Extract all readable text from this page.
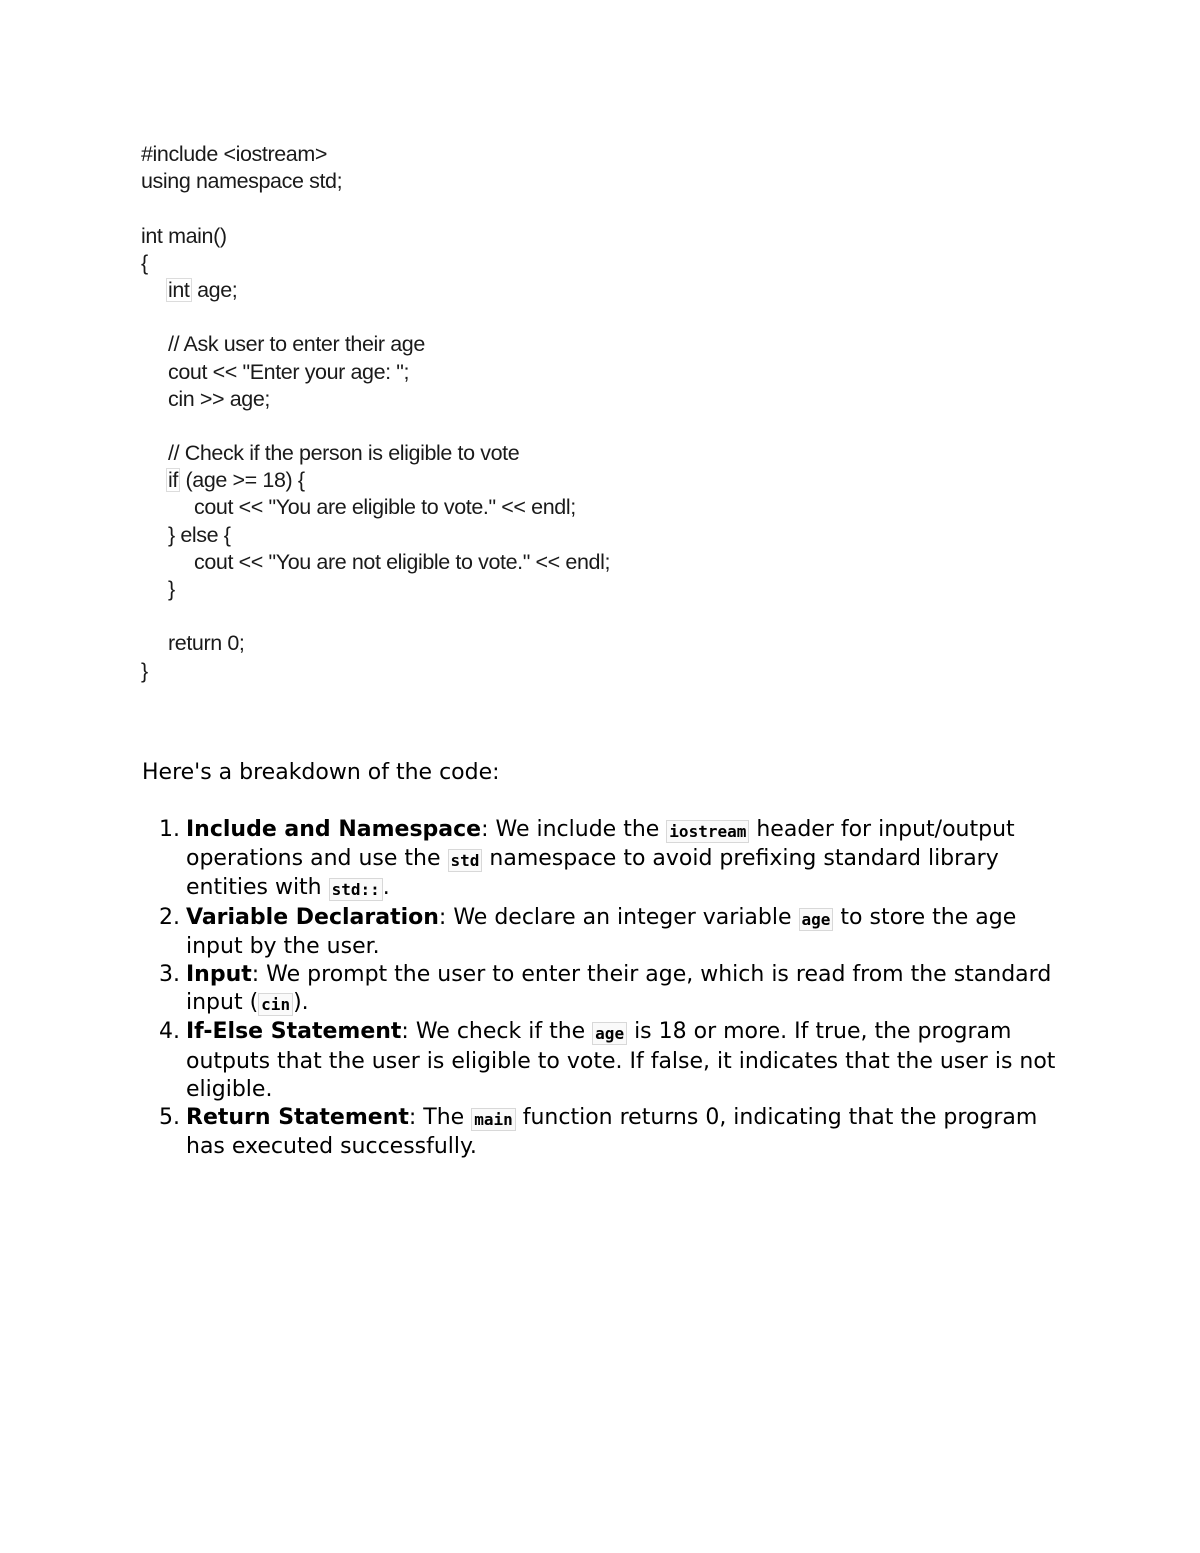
#include <iostream>
using namespace std;
int main()
{
int age;
// Ask user to enter their age
cout << "Enter your age: ";
cin >> age;
// Check if the person is eligible to vote
if (age >= 18) {
cout << "You are eligible to vote." << endl;
} else {
cout << "You are not eligible to vote." << endl;
}
return 0;
}
Here's a breakdown of the code:
1. Include and Namespace: We include the iostream header for input/output operations and use the std namespace to avoid prefixing standard library entities with std:: .
2. Variable Declaration: We declare an integer variable age to store the age input by the user.
3. Input: We prompt the user to enter their age, which is read from the standard input ( cin ).
4. If-Else Statement: We check if the age is 18 or more. If true, the program outputs that the user is eligible to vote. If false, it indicates that the user is not eligible.
5. Return Statement: The main function returns 0, indicating that the program has executed successfully.
